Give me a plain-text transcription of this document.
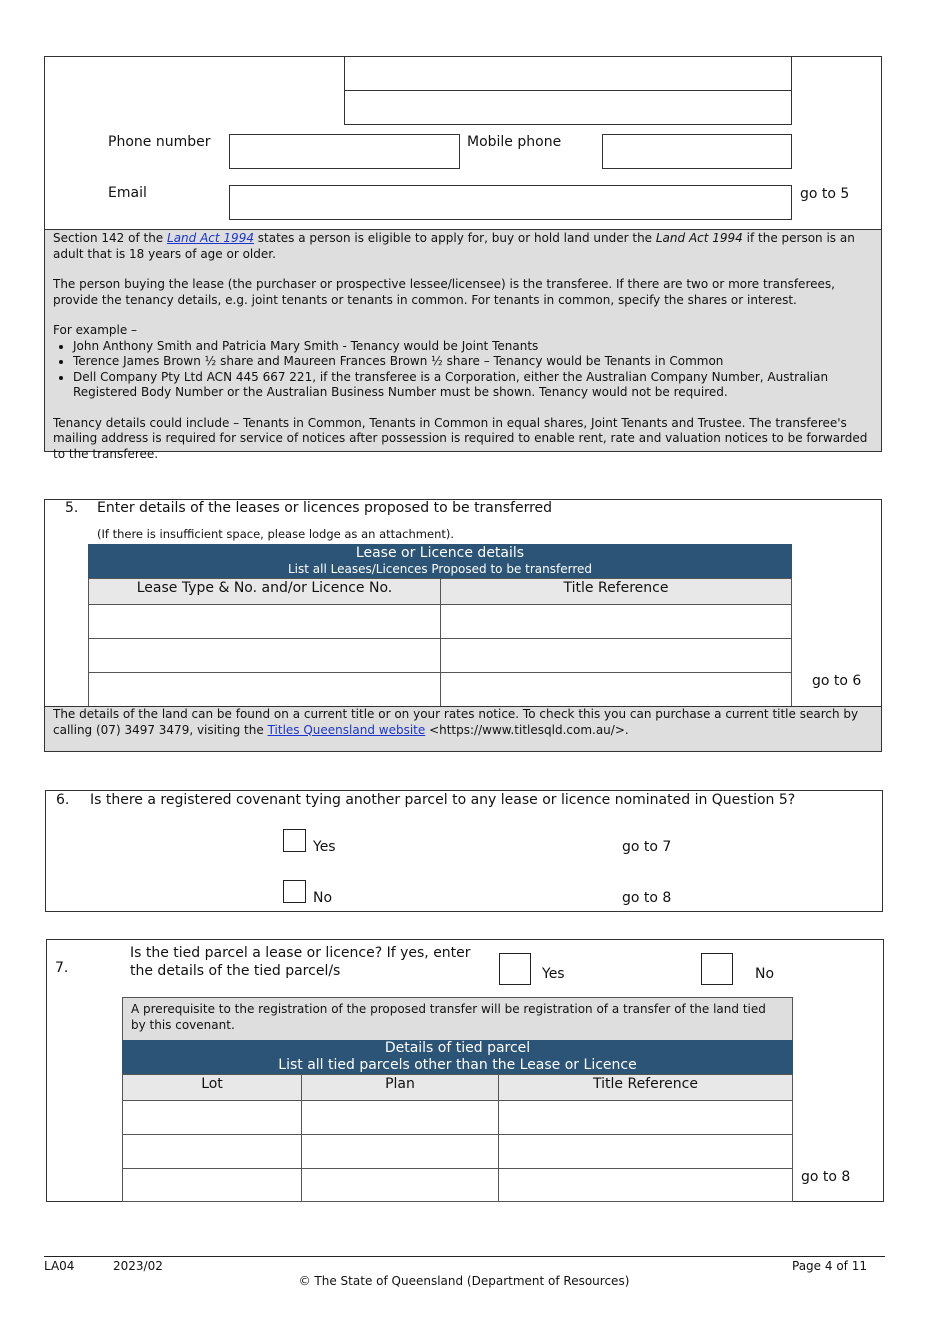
Phone number	Mobile phone
Email	go to 5

Section 142 of the Land Act 1994 states a person is eligible to apply for, buy or hold land under the Land Act 1994 if the person is an adult that is 18 years of age or older.

The person buying the lease (the purchaser or prospective lessee/licensee) is the transferee. If there are two or more transferees, provide the tenancy details, e.g. joint tenants or tenants in common. For tenants in common, specify the shares or interest.

For example –

• John Anthony Smith and Patricia Mary Smith - Tenancy would be Joint Tenants
• Terence James Brown ½ share and Maureen Frances Brown ½ share – Tenancy would be Tenants in Common
• Dell Company Pty Ltd ACN 445 667 221, if the transferee is a Corporation, either the Australian Company Number, Australian Registered Body Number or the Australian Business Number must be shown. Tenancy would not be required.

Tenancy details could include – Tenants in Common, Tenants in Common in equal shares, Joint Tenants and Trustee. The transferee's mailing address is required for service of notices after possession is required to enable rent, rate and valuation notices to be forwarded to the transferee.

5. Enter details of the leases or licences proposed to be transferred
(If there is insufficient space, please lodge as an attachment).
Lease or Licence details
List all Leases/Licences Proposed to be transferred
Lease Type & No. and/or Licence No.	Title Reference
go to 6
The details of the land can be found on a current title or on your rates notice. To check this you can purchase a current title search by calling (07) 3497 3479, visiting the Titles Queensland website <https://www.titlesqld.com.au/>.
6. Is there a registered covenant tying another parcel to any lease or licence nominated in Question 5?
Yes	go to 7
No	go to 8
7.
Is the tied parcel a lease or licence? If yes, enter the details of the tied parcel/s	Yes	No
A prerequisite to the registration of the proposed transfer will be registration of a transfer of the land tied by this covenant.
Details of tied parcel
List all tied parcels other than the Lease or Licence
Lot	Plan	Title Reference
go to 8
LA04	2023/02	Page 4 of 11
© The State of Queensland (Department of Resources)
